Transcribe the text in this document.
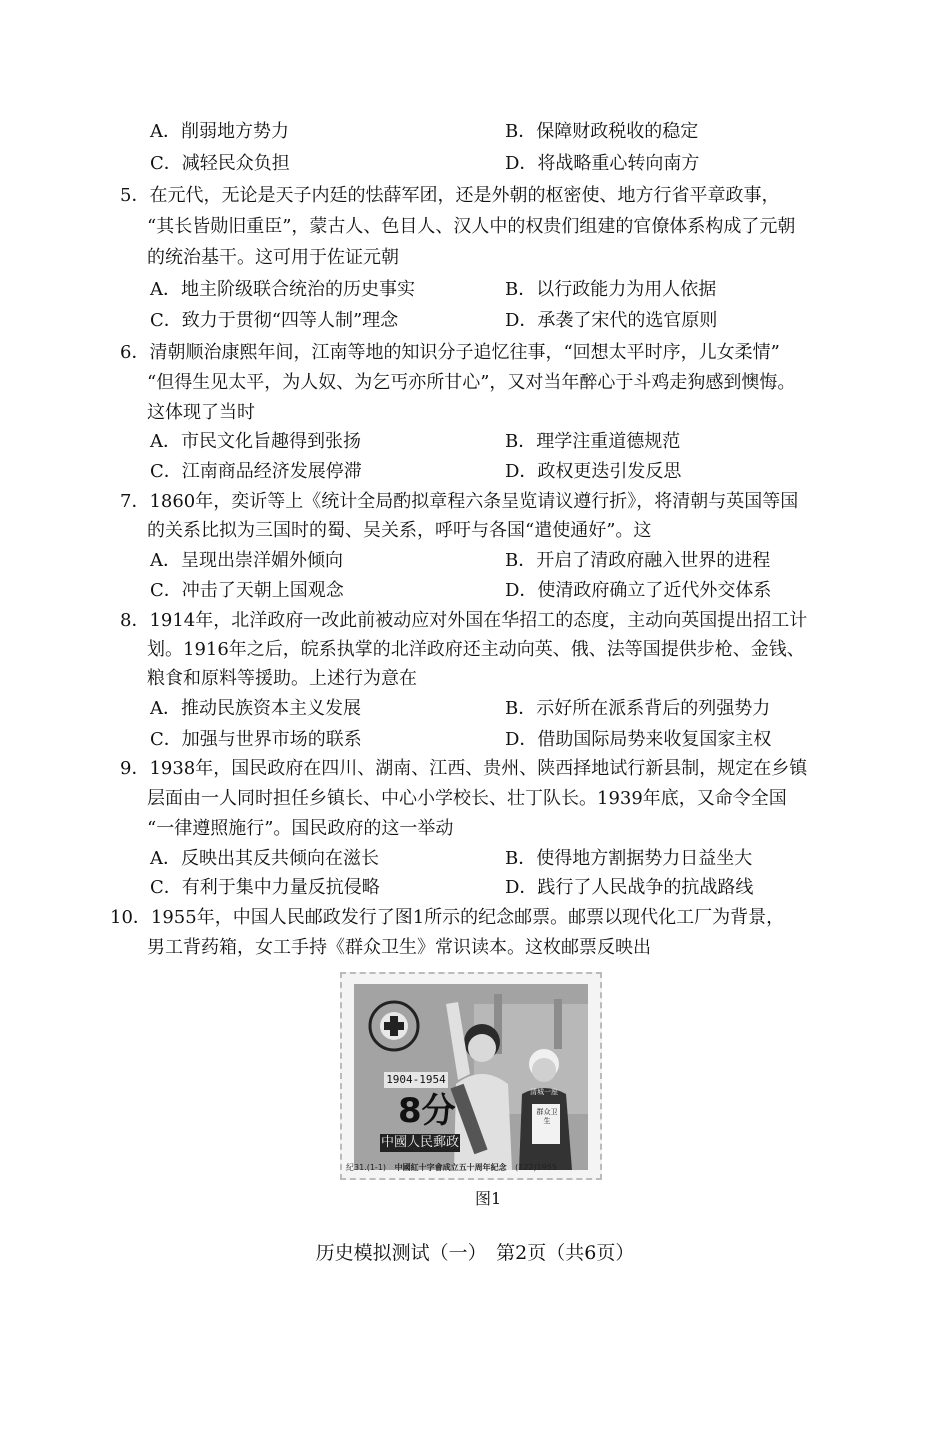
A．削弱地方势力	B．保障财政税收的稳定
C．减轻民众负担	D．将战略重心转向南方
5．在元代，无论是天子内廷的怯薛军团，还是外朝的枢密使、地方行省平章政事，
“其长皆勋旧重臣”，蒙古人、色目人、汉人中的权贵们组建的官僚体系构成了元朝
的统治基干。这可用于佐证元朝
A．地主阶级联合统治的历史事实	B．以行政能力为用人依据
C．致力于贯彻“四等人制”理念	D．承袭了宋代的选官原则
6．清朝顺治康熙年间，江南等地的知识分子追忆往事，“回想太平时序，儿女柔情”
“但得生见太平，为人奴、为乞丐亦所甘心”，又对当年醉心于斗鸡走狗感到懊悔。
这体现了当时
A．市民文化旨趣得到张扬	B．理学注重道德规范
C．江南商品经济发展停滞	D．政权更迭引发反思
7．1860年，奕䜣等上《统计全局酌拟章程六条呈览请议遵行折》，将清朝与英国等国
的关系比拟为三国时的蜀、吴关系，呼吁与各国“遣使通好”。这
A．呈现出崇洋媚外倾向	B．开启了清政府融入世界的进程
C．冲击了天朝上国观念	D．使清政府确立了近代外交体系
8．1914年，北洋政府一改此前被动应对外国在华招工的态度，主动向英国提出招工计
划。1916年之后，皖系执掌的北洋政府还主动向英、俄、法等国提供步枪、金钱、
粮食和原料等援助。上述行为意在
A．推动民族资本主义发展	B．示好所在派系背后的列强势力
C．加强与世界市场的联系	D．借助国际局势来收复国家主权
9．1938年，国民政府在四川、湖南、江西、贵州、陕西择地试行新县制，规定在乡镇
层面由一人同时担任乡镇长、中心小学校长、壮丁队长。1939年底，又命令全国
“一律遵照施行”。国民政府的这一举动
A．反映出其反共倾向在滋长	B．使得地方割据势力日益坐大
C．有利于集中力量反抗侵略	D．践行了人民战争的抗战路线
10．1955年，中国人民邮政发行了图1所示的纪念邮票。邮票以现代化工厂为背景，
男工背药箱，女工手持《群众卫生》常识读本。这枚邮票反映出
1904-1954
8分
中國人民郵政
群众卫生
清城一座
紀31.(1-1) 中國紅十字會成立五十周年紀念 (122)1955
图1
历史模拟测试（一）　第2页（共6页）
